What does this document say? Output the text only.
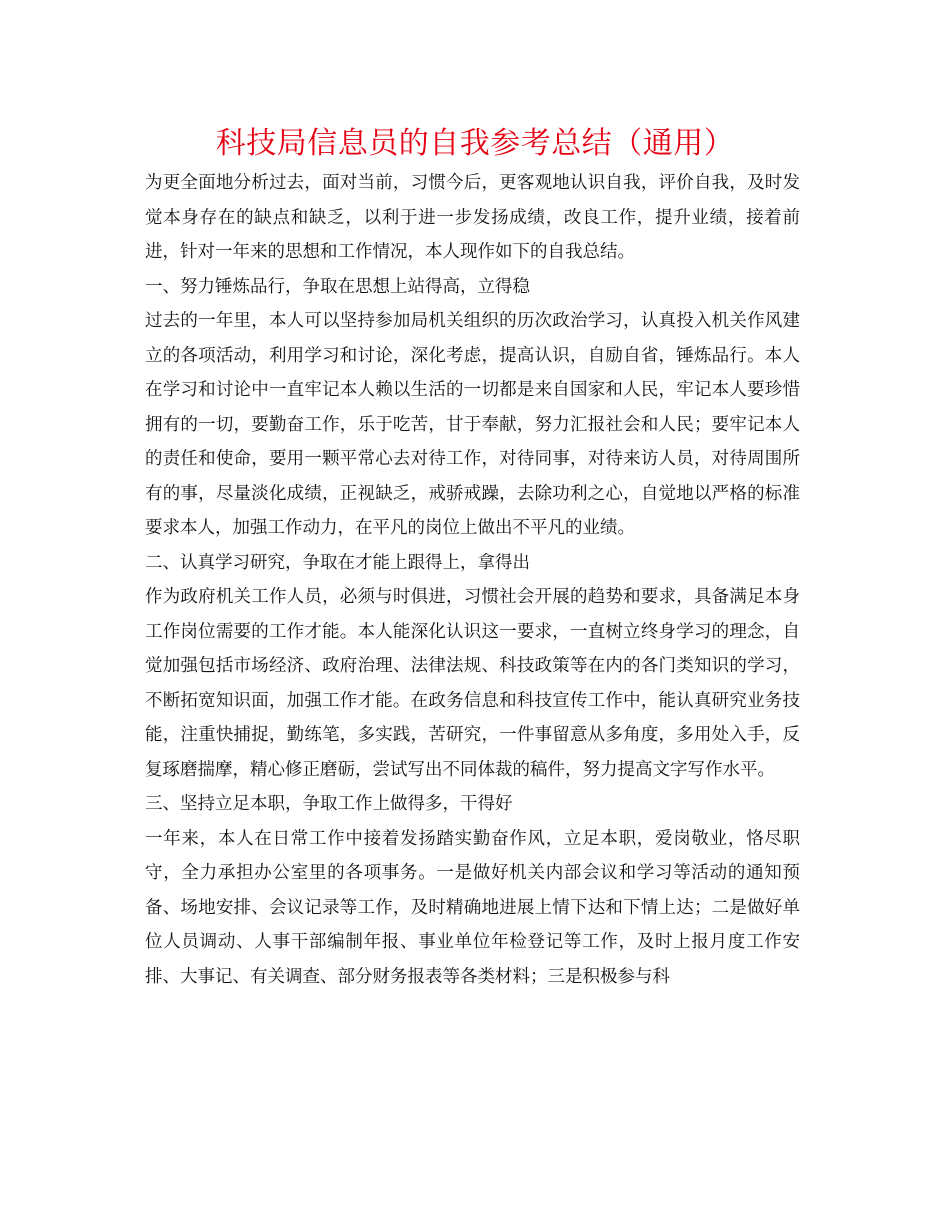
科技局信息员的自我参考总结（通用）

为更全面地分析过去，面对当前，习惯今后，更客观地认识自我，评价自我，及时发觉本身存在的缺点和缺乏，以利于进一步发扬成绩，改良工作，提升业绩，接着前进，针对一年来的思想和工作情况，本人现作如下的自我总结。

一、努力锤炼品行，争取在思想上站得高，立得稳

过去的一年里，本人可以坚持参加局机关组织的历次政治学习，认真投入机关作风建立的各项活动，利用学习和讨论，深化考虑，提高认识，自励自省，锤炼品行。本人在学习和讨论中一直牢记本人赖以生活的一切都是来自国家和人民，牢记本人要珍惜拥有的一切，要勤奋工作，乐于吃苦，甘于奉献，努力汇报社会和人民；要牢记本人的责任和使命，要用一颗平常心去对待工作，对待同事，对待来访人员，对待周围所有的事，尽量淡化成绩，正视缺乏，戒骄戒躁，去除功利之心，自觉地以严格的标准要求本人，加强工作动力，在平凡的岗位上做出不平凡的业绩。

二、认真学习研究，争取在才能上跟得上，拿得出

作为政府机关工作人员，必须与时俱进，习惯社会开展的趋势和要求，具备满足本身工作岗位需要的工作才能。本人能深化认识这一要求，一直树立终身学习的理念，自觉加强包括市场经济、政府治理、法律法规、科技政策等在内的各门类知识的学习，不断拓宽知识面，加强工作才能。在政务信息和科技宣传工作中，能认真研究业务技能，注重快捕捉，勤练笔，多实践，苦研究，一件事留意从多角度，多用处入手，反复琢磨揣摩，精心修正磨砺，尝试写出不同体裁的稿件，努力提高文字写作水平。

三、坚持立足本职，争取工作上做得多，干得好

一年来，本人在日常工作中接着发扬踏实勤奋作风，立足本职，爱岗敬业，恪尽职守，全力承担办公室里的各项事务。一是做好机关内部会议和学习等活动的通知预备、场地安排、会议记录等工作，及时精确地进展上情下达和下情上达；二是做好单位人员调动、人事干部编制年报、事业单位年检登记等工作，及时上报月度工作安排、大事记、有关调查、部分财务报表等各类材料；三是积极参与科
